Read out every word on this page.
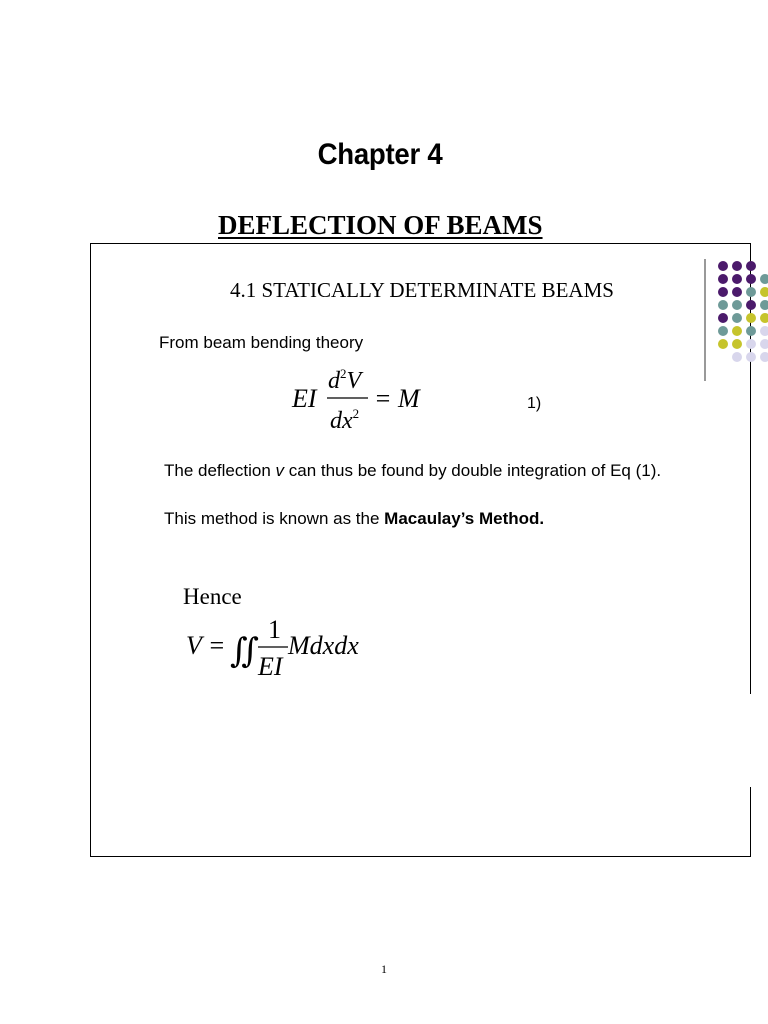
Chapter 4
DEFLECTION OF BEAMS
4.1 STATICALLY DETERMINATE BEAMS
From beam bending theory
EI
$d^2V$
$dx^2$
= M	1)
The deflection v can thus be found by double integration of Eq (1).
This method is known as the Macaulay’s Method.
Hence
V = ∬
1
EI
Mdxdx
1
